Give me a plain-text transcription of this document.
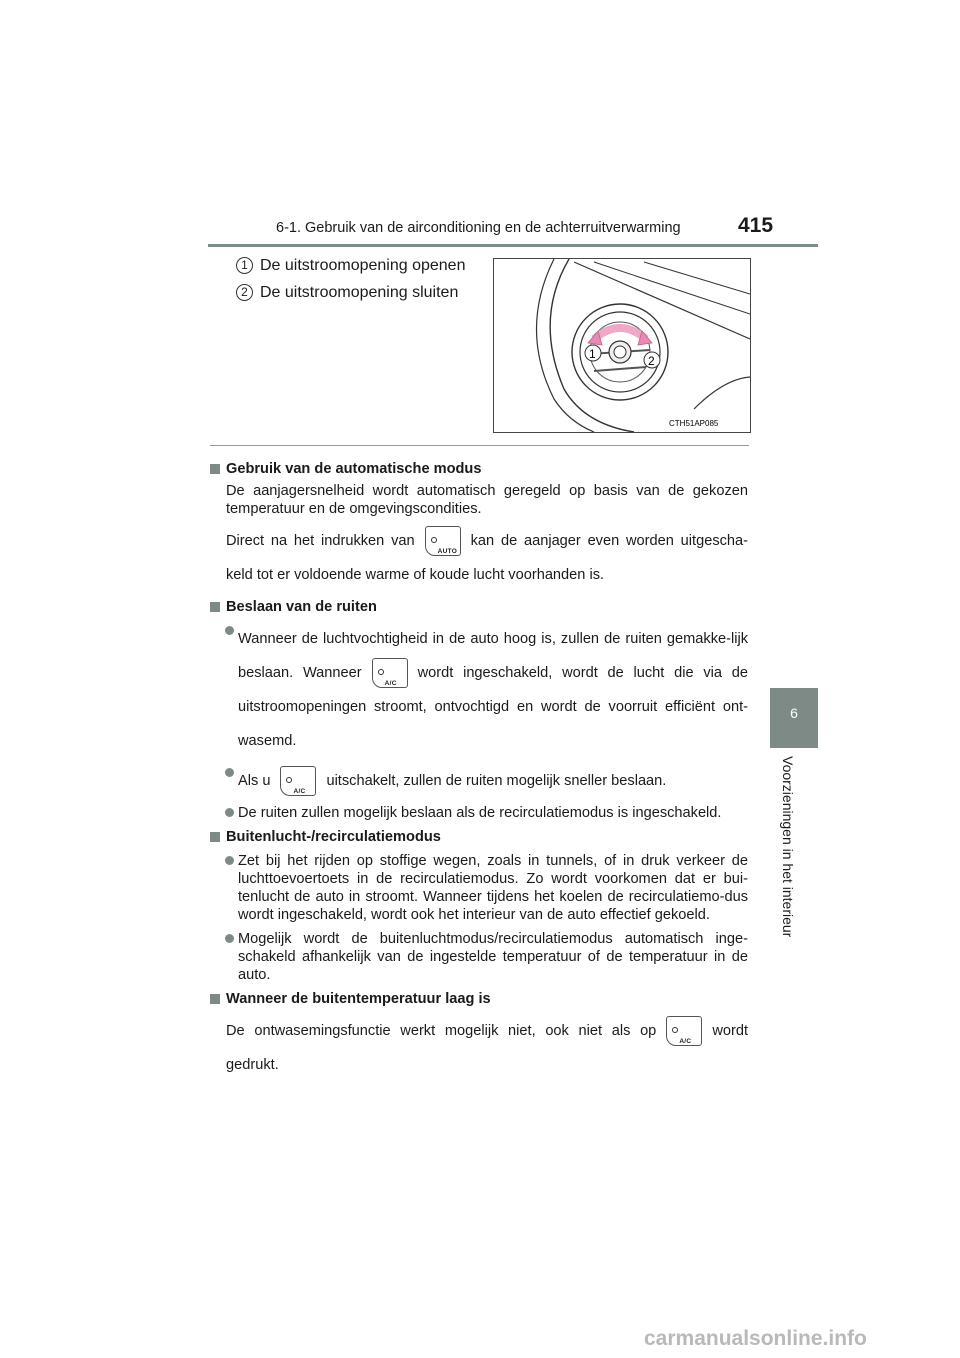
6-1. Gebruik van de airconditioning en de achterruitverwarming	415
6
Voorzieningen in het interieur
1 De uitstroomopening openen
2 De uitstroomopening sluiten
1	2
CTH51AP085
Gebruik van de automatische modus
De aanjagersnelheid wordt automatisch geregeld op basis van de gekozen temperatuur en de omgevingscondities.
Direct na het indrukken van
AUTO
kan de aanjager even worden uitgescha-keld tot er voldoende warme of koude lucht voorhanden is.
Beslaan van de ruiten
Wanneer de luchtvochtigheid in de auto hoog is, zullen de ruiten gemakke-lijk beslaan. Wanneer
A/C
wordt ingeschakeld, wordt de lucht die via de uitstroomopeningen stroomt, ontvochtigd en wordt de voorruit efficiënt ont-wasemd.
Als u
A/C
uitschakelt, zullen de ruiten mogelijk sneller beslaan.
De ruiten zullen mogelijk beslaan als de recirculatiemodus is ingeschakeld.
Buitenlucht-/recirculatiemodus
Zet bij het rijden op stoffige wegen, zoals in tunnels, of in druk verkeer de luchttoevoertoets in de recirculatiemodus. Zo wordt voorkomen dat er bui-tenlucht de auto in stroomt. Wanneer tijdens het koelen de recirculatiemo-dus wordt ingeschakeld, wordt ook het interieur van de auto effectief gekoeld.
Mogelijk wordt de buitenluchtmodus/recirculatiemodus automatisch inge-schakeld afhankelijk van de ingestelde temperatuur of de temperatuur in de auto.
Wanneer de buitentemperatuur laag is
De ontwasemingsfunctie werkt mogelijk niet, ook niet als op
A/C
wordt gedrukt.
carmanualsonline.info
